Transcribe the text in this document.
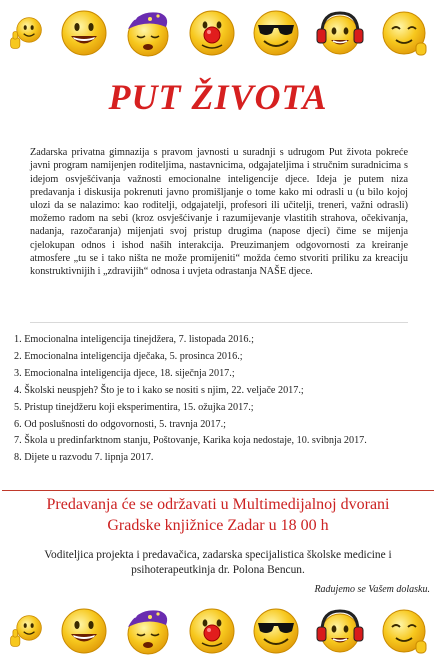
PUT ŽIVOTA

Zadarska privatna gimnazija s pravom javnosti u suradnji s udrugom Put života pokreće javni program namijenjen roditeljima, nastavnicima, odgajateljima i stručnim suradnicima s idejom osvješćivanja važnosti emocionalne inteligencije djece. Ideja je putem niza predavanja i diskusija pokrenuti javno promišljanje o tome kako mi odrasli u (u bilo kojoj ulozi da se nalazimo: kao roditelji, odgajatelji, profesori ili učitelji, treneri, važni odrasli) možemo radom na sebi (kroz osvješćivanje i razumijevanje vlastitih strahova, očekivanja, nadanja, razočaranja) mijenjati svoj pristup drugima (napose djeci) čime se mijenja cjelokupan odnos i ishod naših interakcija. Preuzimanjem odgovornosti za kreiranje atmosfere „tu se i tako ništa ne može promijeniti“ možda ćemo stvoriti priliku za kreaciju konstruktivnijih i „zdravijih“ odnosa i uvjeta odrastanja NAŠE djece.

1. Emocionalna inteligencija tinejdžera, 7. listopada 2016.;
2. Emocionalna inteligencija dječaka, 5. prosinca 2016.;
3. Emocionalna inteligencija djece, 18. siječnja 2017.;
4. Školski neuspjeh? Što je to i kako se nositi s njim, 22. veljače 2017.;
5. Pristup tinejdžeru koji eksperimentira, 15. ožujka 2017.;
6. Od poslušnosti do odgovornosti, 5. travnja 2017.;
7. Škola u predinfarktnom stanju, Poštovanje, Karika koja nedostaje, 10. svibnja 2017.
8. Dijete u razvodu 7. lipnja 2017.
Predavanja će se održavati u Multimedijalnoj dvorani
Gradske knjižnice Zadar u 18 00 h
Voditeljica projekta i predavačica, zadarska specijalistica školske medicine i psihoterapeutkinja dr. Polona Bencun.
Radujemo se Vašem dolasku.
